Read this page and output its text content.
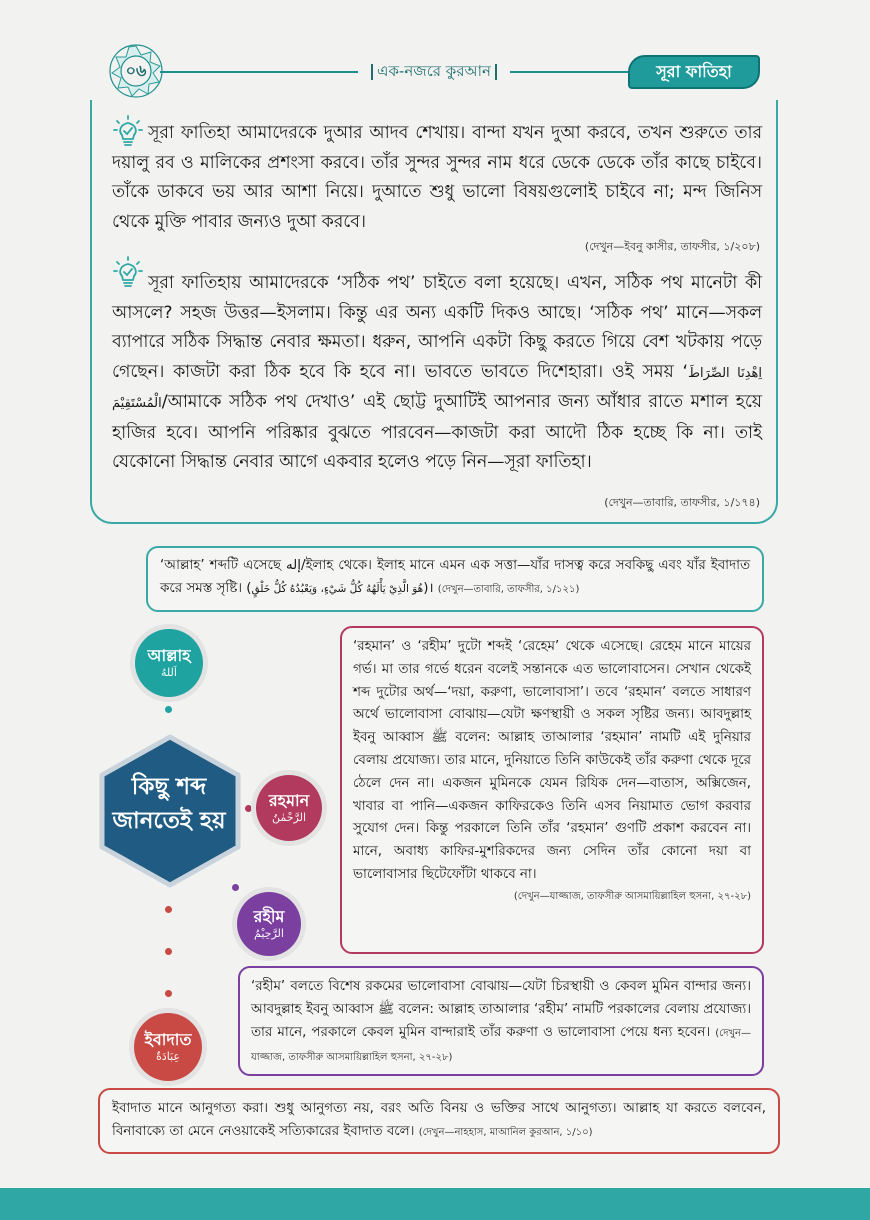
০৬	এক-নজরে কুরআন	সূরা ফাতিহা
সূরা ফাতিহা আমাদেরকে দুআর আদব শেখায়। বান্দা যখন দুআ করবে, তখন শুরুতে তার দয়ালু রব ও মালিকের প্রশংসা করবে। তাঁর সুন্দর সুন্দর নাম ধরে ডেকে ডেকে তাঁর কাছে চাইবে। তাঁকে ডাকবে ভয় আর আশা নিয়ে। দুআতে শুধু ভালো বিষয়গুলোই চাইবে না; মন্দ জিনিস থেকে মুক্তি পাবার জন্যও দুআ করবে।
(দেখুন—ইবনু কাসীর, তাফসীর, ১/২০৮)
সূরা ফাতিহায় আমাদেরকে ‘সঠিক পথ’ চাইতে বলা হয়েছে। এখন, সঠিক পথ মানেটা কী আসলে? সহজ উত্তর—ইসলাম। কিন্তু এর অন্য একটি দিকও আছে। ‘সঠিক পথ’ মানে—সকল ব্যাপারে সঠিক সিদ্ধান্ত নেবার ক্ষমতা। ধরুন, আপনি একটা কিছু করতে গিয়ে বেশ খটকায় পড়ে গেছেন। কাজটা করা ঠিক হবে কি হবে না। ভাবতে ভাবতে দিশেহারা। ওই সময় ‘اِهْدِنَا الصِّرَاطَ الْمُسْتَقِيْمَ/আমাকে সঠিক পথ দেখাও’ এই ছোট্ট দুআটিই আপনার জন্য আঁধার রাতে মশাল হয়ে হাজির হবে। আপনি পরিষ্কার বুঝতে পারবেন—কাজটা করা আদৌ ঠিক হচ্ছে কি না। তাই যেকোনো সিদ্ধান্ত নেবার আগে একবার হলেও পড়ে নিন—সূরা ফাতিহা।
(দেখুন—তাবারি, তাফসীর, ১/১৭৪)
‘আল্লাহ’ শব্দটি এসেছে إله/ইলাহ থেকে। ইলাহ মানে এমন এক সত্তা—যাঁর দাসত্ব করে সবকিছু এবং যাঁর ইবাদাত করে সমস্ত সৃষ্টি। (هُوَ الَّذِيْ يَأْلَهُهُ كُلُّ شَيْءٍ، وَيَعْبُدُهُ كُلُّ خَلْقٍ)। (দেখুন—তাবারি, তাফসীর, ১/১২১)
‘রহমান’ ও ‘রহীম’ দুটো শব্দই ‘রেহেম’ থেকে এসেছে। রেহেম মানে মায়ের গর্ভ। মা তার গর্ভে ধরেন বলেই সন্তানকে এত ভালোবাসেন। সেখান থেকেই শব্দ দুটোর অর্থ—‘দয়া, করুণা, ভালোবাসা’। তবে ‘রহমান’ বলতে সাধারণ অর্থে ভালোবাসা বোঝায়—যেটা ক্ষণস্থায়ী ও সকল সৃষ্টির জন্য। আবদুল্লাহ ইবনু আব্বাস ﷺ বলেন: আল্লাহ তাআলার ‘রহমান’ নামটি এই দুনিয়ার বেলায় প্রযোজ্য। তার মানে, দুনিয়াতে তিনি কাউকেই তাঁর করুণা থেকে দূরে ঠেলে দেন না। একজন মুমিনকে যেমন রিযিক দেন—বাতাস, অক্সিজেন, খাবার বা পানি—একজন কাফিরকেও তিনি এসব নিয়ামাত ভোগ করবার সুযোগ দেন। কিন্তু পরকালে তিনি তাঁর ‘রহমান’ গুণটি প্রকাশ করবেন না। মানে, অবাধ্য কাফির-মুশরিকদের জন্য সেদিন তাঁর কোনো দয়া বা ভালোবাসার ছিটেফোঁটা থাকবে না।
(দেখুন—যাজ্জাজ, তাফসীরু আসমায়িল্লাহিল হুসনা, ২৭-২৮)
‘রহীম’ বলতে বিশেষ রকমের ভালোবাসা বোঝায়—যেটা চিরস্থায়ী ও কেবল মুমিন বান্দার জন্য। আবদুল্লাহ ইবনু আব্বাস ﷺ বলেন: আল্লাহ তাআলার ‘রহীম’ নামটি পরকালের বেলায় প্রযোজ্য। তার মানে, পরকালে কেবল মুমিন বান্দারাই তাঁর করুণা ও ভালোবাসা পেয়ে ধন্য হবেন। (দেখুন—যাজ্জাজ, তাফসীরু আসমায়িল্লাহিল হুসনা, ২৭-২৮)
ইবাদাত মানে আনুগত্য করা। শুধু আনুগত্য নয়, বরং অতি বিনয় ও ভক্তির সাথে আনুগত্য। আল্লাহ যা করতে বলবেন, বিনাবাক্যে তা মেনে নেওয়াকেই সত্যিকারের ইবাদাত বলে। (দেখুন—নাহহাস, মাআনিল কুরআন, ১/১০)
আল্লাহ
اَللهُ
কিছু শব্দ
জানতেই হয়
রহমান
الرَّحْمٰنُ
রহীম
الرَّحِيْمُ
ইবাদাত
عِبَادَةٌ
